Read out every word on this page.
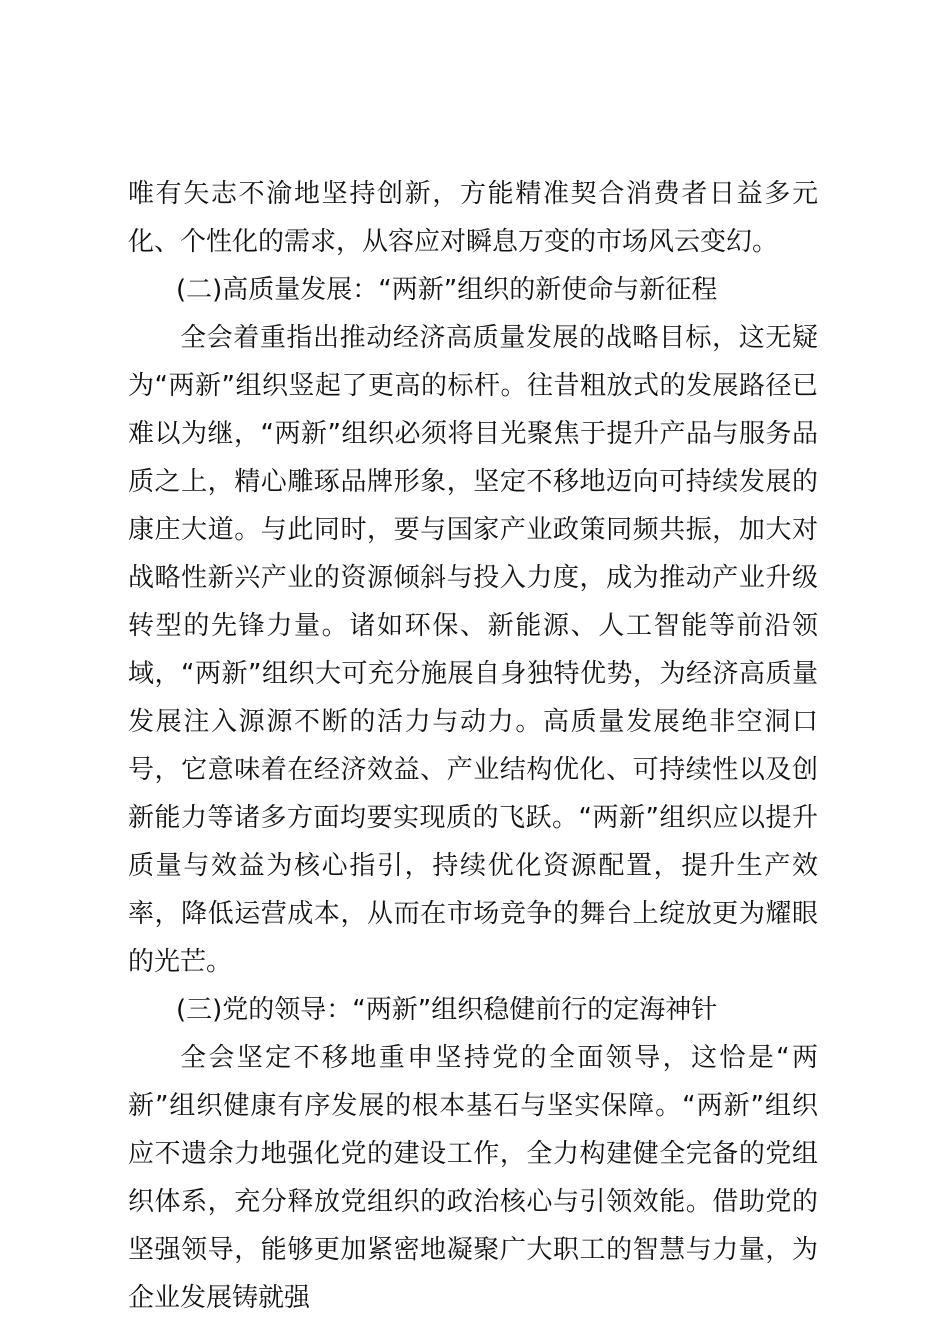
唯有矢志不渝地坚持创新，方能精准契合消费者日益多元化、个性化的需求，从容应对瞬息万变的市场风云变幻。

(二)高质量发展：“两新”组织的新使命与新征程

全会着重指出推动经济高质量发展的战略目标，这无疑为“两新”组织竖起了更高的标杆。往昔粗放式的发展路径已难以为继，“两新”组织必须将目光聚焦于提升产品与服务品质之上，精心雕琢品牌形象，坚定不移地迈向可持续发展的康庄大道。与此同时，要与国家产业政策同频共振，加大对战略性新兴产业的资源倾斜与投入力度，成为推动产业升级转型的先锋力量。诸如环保、新能源、人工智能等前沿领域，“两新”组织大可充分施展自身独特优势，为经济高质量发展注入源源不断的活力与动力。高质量发展绝非空洞口号，它意味着在经济效益、产业结构优化、可持续性以及创新能力等诸多方面均要实现质的飞跃。“两新”组织应以提升质量与效益为核心指引，持续优化资源配置，提升生产效率，降低运营成本，从而在市场竞争的舞台上绽放更为耀眼的光芒。

(三)党的领导：“两新”组织稳健前行的定海神针

全会坚定不移地重申坚持党的全面领导，这恰是“两新”组织健康有序发展的根本基石与坚实保障。“两新”组织应不遗余力地强化党的建设工作，全力构建健全完备的党组织体系，充分释放党组织的政治核心与引领效能。借助党的坚强领导，能够更加紧密地凝聚广大职工的智慧与力量，为企业发展铸就强
